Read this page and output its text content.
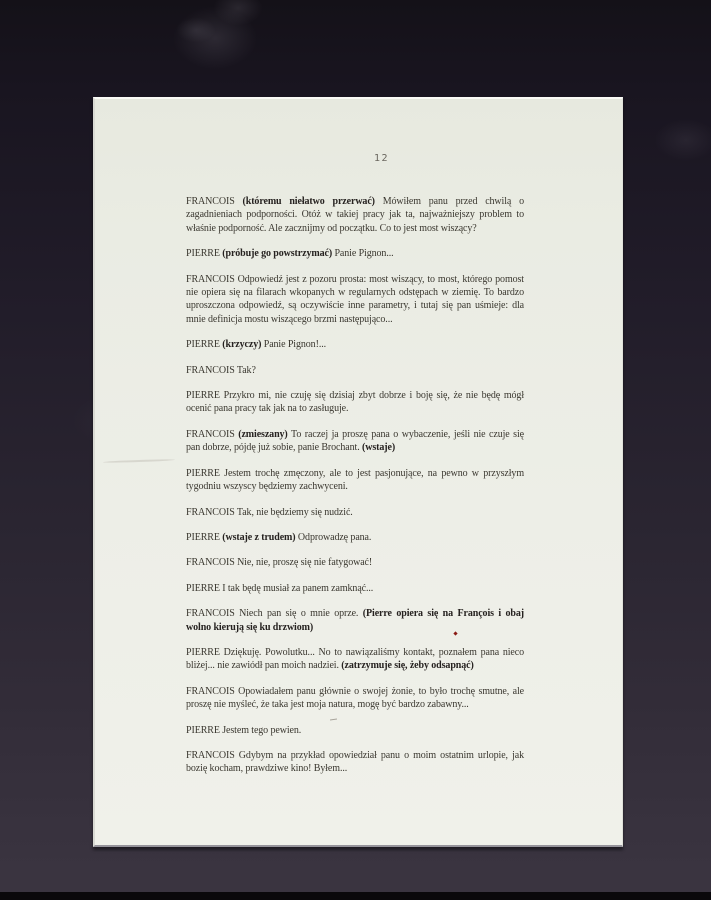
12

FRANCOIS (któremu niełatwo przerwać) Mówiłem panu przed chwilą o zagadnieniach podporności. Otóż w takiej pracy jak ta, najważniejszy problem to właśnie podporność. Ale zacznijmy od początku. Co to jest most wiszący?

PIERRE (próbuje go powstrzymać) Panie Pignon...

FRANCOIS Odpowiedź jest z pozoru prosta: most wiszący, to most, którego pomost nie opiera się na filarach wkopanych w regularnych odstępach w ziemię. To bardzo uproszczona odpowiedź, są oczywiście inne parametry, i tutaj się pan uśmieje: dla mnie definicja mostu wiszącego brzmi następująco...

PIERRE (krzyczy) Panie Pignon!...

FRANCOIS Tak?

PIERRE Przykro mi, nie czuję się dzisiaj zbyt dobrze i boję się, że nie będę mógł ocenić pana pracy tak jak na to zasługuje.

FRANCOIS (zmieszany) To raczej ja proszę pana o wybaczenie, jeśli nie czuje się pan dobrze, pójdę już sobie, panie Brochant. (wstaje)

PIERRE Jestem trochę zmęczony, ale to jest pasjonujące, na pewno w przyszłym tygodniu wszyscy będziemy zachwyceni.

FRANCOIS Tak, nie będziemy się nudzić.

PIERRE (wstaje z trudem) Odprowadzę pana.

FRANCOIS Nie, nie, proszę się nie fatygować!

PIERRE I tak będę musiał za panem zamknąć...

FRANCOIS Niech pan się o mnie oprze. (Pierre opiera się na François i obaj wolno kierują się ku drzwiom)

PIERRE Dziękuję. Powolutku... No to nawiązaliśmy kontakt, poznałem pana nieco bliżej... nie zawiódł pan moich nadziei. (zatrzymuje się, żeby odsapnąć)

FRANCOIS Opowiadałem panu głównie o swojej żonie, to było trochę smutne, ale proszę nie myśleć, że taka jest moja natura, mogę być bardzo zabawny...

PIERRE Jestem tego pewien.

FRANCOIS Gdybym na przykład opowiedział panu o moim ostatnim urlopie, jak bozię kocham, prawdziwe kino! Byłem...
